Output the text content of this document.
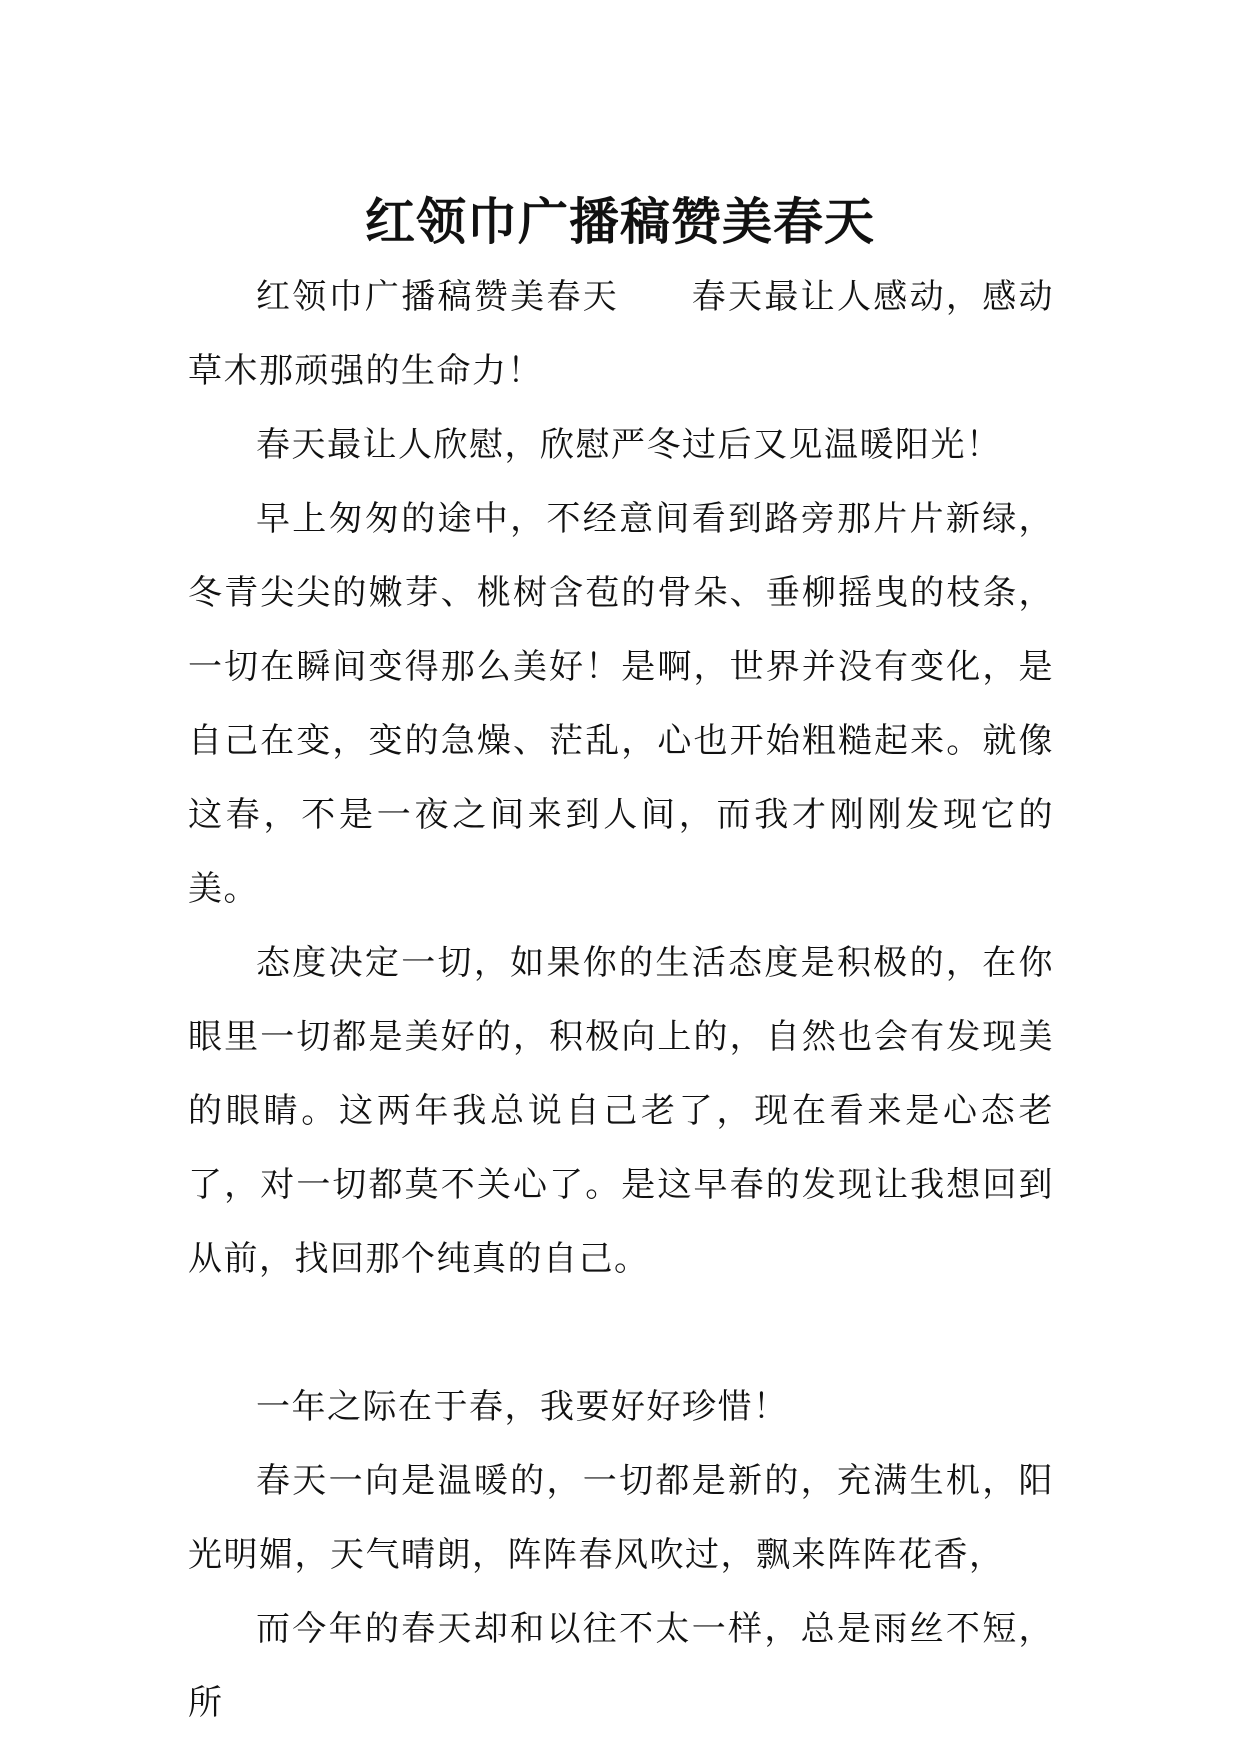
红领巾广播稿赞美春天

红领巾广播稿赞美春天　　春天最让人感动，感动草木那顽强的生命力！

春天最让人欣慰，欣慰严冬过后又见温暖阳光！

早上匆匆的途中，不经意间看到路旁那片片新绿，冬青尖尖的嫩芽、桃树含苞的骨朵、垂柳摇曳的枝条，一切在瞬间变得那么美好！是啊，世界并没有变化，是自己在变，变的急燥、茫乱，心也开始粗糙起来。就像这春，不是一夜之间来到人间，而我才刚刚发现它的美。

态度决定一切，如果你的生活态度是积极的，在你眼里一切都是美好的，积极向上的，自然也会有发现美的眼睛。这两年我总说自己老了，现在看来是心态老了，对一切都莫不关心了。是这早春的发现让我想回到从前，找回那个纯真的自己。

一年之际在于春，我要好好珍惜！

春天一向是温暖的，一切都是新的，充满生机，阳光明媚，天气晴朗，阵阵春风吹过，飘来阵阵花香，

而今年的春天却和以往不太一样，总是雨丝不短，所
